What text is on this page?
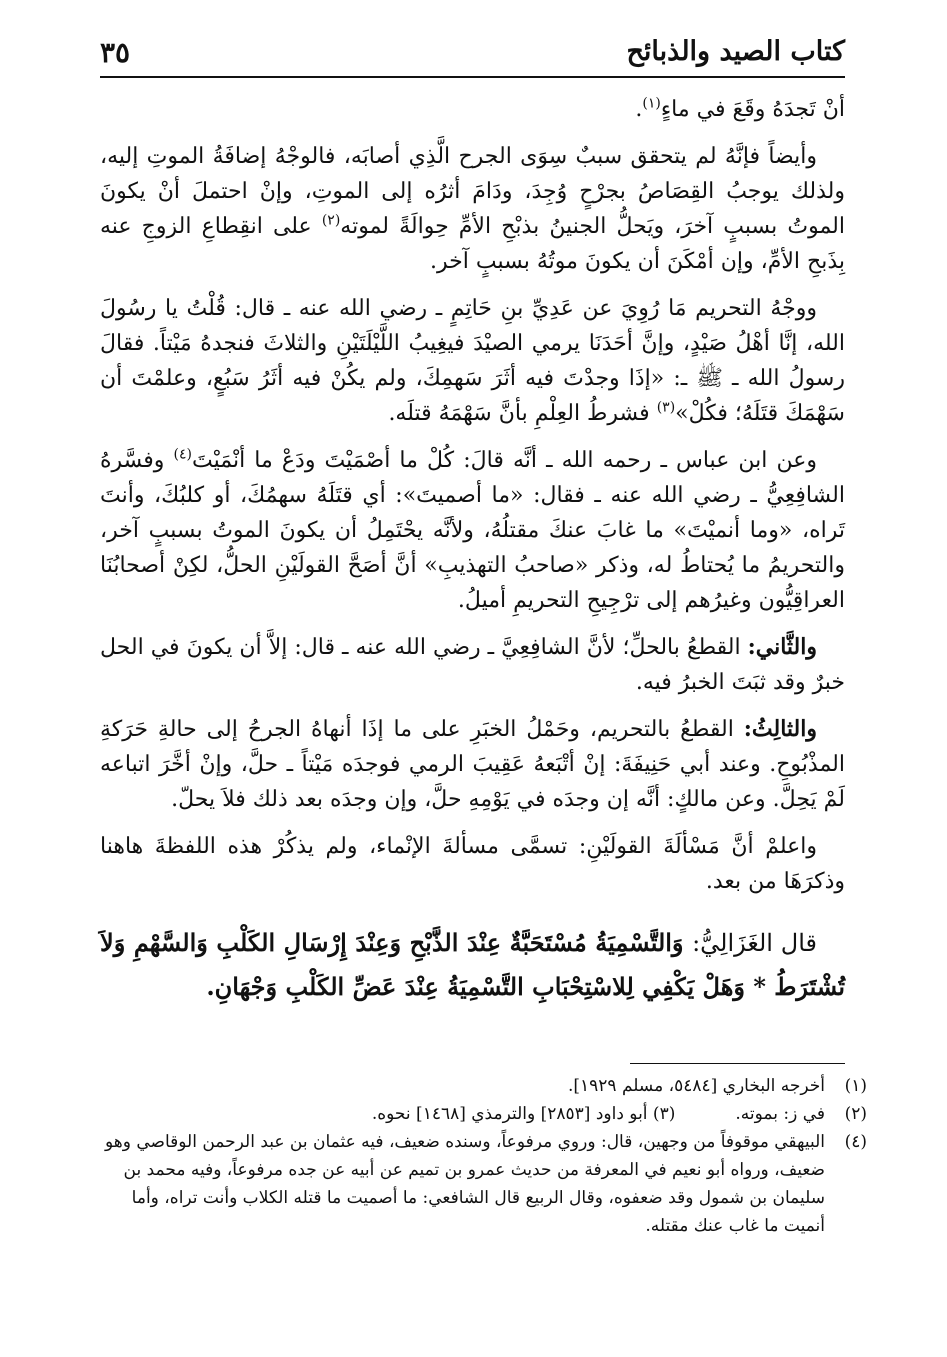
كتاب الصيد والذبائح
٣٥

أنْ تَجدَهُ وقَعَ في ماءٍ$^{(١)}$.

وأيضاً فإنَّهُ لم يتحقق سببٌ سِوَى الجرح الَّذِي أصابَه، فالوجْهُ إضافَةُ الموتِ إليه، ولذلك يوجبُ القِصَاصُ بجرْحٍ وُجِدَ، ودَامَ أثرُه إلى الموتِ، وإنْ احتملَ أنْ يكونَ الموتُ بسببٍ آخرَ، ويَحلُّ الجنينُ بذبْحِ الأمِّ حِوالَةً لموته$^{(٢)}$ على انقِطاعِ الزوجِ عنه بِذَبحِ الأمِّ، وإن أمْكَنَ أن يكونَ موتُهُ بسببٍ آخر.

ووجْهُ التحريم مَا رُوِيَ عن عَدِيِّ بنِ حَاتِمٍ ـ رضي الله عنه ـ قال: قُلْتُ يا رسُولَ الله، إنَّا أهْلُ صَيْدٍ، وإنَّ أحَدَنَا يرمي الصيْدَ فيغِيبُ اللَّيْلَتَيْنِ والثلاثَ فنجدهُ مَيْتاً. فقالَ رسولُ الله ـ ﷺ ـ: «إذَا وجدْتَ فيه أثَرَ سَهمِكَ، ولم يكُنْ فيه أثَرُ سَبُعٍ، وعلمْتَ أن سَهْمَكَ قتَلَهُ؛ فكُلْ»$^{(٣)}$ فشرطُ العِلْمِ بأنَّ سَهْمَهُ قتلَه.

وعن ابن عباس ـ رحمه الله ـ أنَّه قالَ: كُلْ ما أصْمَيْتَ ودَعْ ما أنْمَيْتَ$^{(٤)}$ وفسَّرهُ الشافِعِيُّ ـ رضي الله عنه ـ فقال: «ما أصميتَ»: أي قتَلَهُ سهمُكَ، أو كلبُكَ، وأنتَ تَراه، «وما أنميْتَ» ما غابَ عنكَ مقتلُهُ، ولأنَّه يحْتَمِلُ أن يكونَ الموتُ بسببٍ آخر، والتحريمُ ما يُحتاطُ له، وذكر «صاحبُ التهذيبِ» أنَّ أصَحَّ القولَيْنِ الحلُّ، لكِنْ أصحابُنَا العراقِيُّون وغيرُهم إلى ترْجِيحِ التحريمِ أميلُ.

والثَّاني: القطعُ بالحلِّ؛ لأنَّ الشافِعِيَّ ـ رضي الله عنه ـ قال: إلاَّ أن يكونَ في الحل خبرٌ وقد ثبَتَ الخبرُ فيه.

والثالِثُ: القطعُ بالتحريم، وحَمْلُ الخبَرِ على ما إذَا أنهاهُ الجرحُ إلى حالةِ حَرَكةِ المذْبُوحِ. وعند أبي حَنِيفَةَ: إنْ أتْبَعهُ عَقِيبَ الرمي فوجدَه مَيْتاً ـ حلَّ، وإنْ أخَّرَ اتباعه لَمْ يَحِلَّ. وعن مالكٍ: أنَّه إن وجدَه في يَوْمِهِ حلَّ، وإن وجدَه بعد ذلك فلاَ يحلّ.

واعلمْ أنَّ مَسْألَةَ القولَيْنِ: تسمَّى مسألةَ الإنْماء، ولم يذكُرْ هذه اللفظةَ هاهنا وذكرَهَا من بعد.

قال الغَزَالِيُّ: وَالتَّسْمِيَةُ مُسْتَحَبَّةٌ عِنْدَ الذَّبْحِ وَعِنْدَ إِرْسَالِ الكَلْبِ وَالسَّهْمِ وَلاَ تُشْتَرَطُ * وَهَلْ يَكْفِي لِلاسْتِحْبَابِ التَّسْمِيَةُ عِنْدَ عَضِّ الكَلْبِ وَجْهَانِ.

(١)
أخرجه البخاري [٥٤٨٤، مسلم ١٩٢٩].
(٢)
في ز: بموته.(٣) أبو داود [٢٨٥٣] والترمذي [١٤٦٨] نحوه.
(٤)
البيهقي موقوفاً من وجهين، قال: وروي مرفوعاً، وسنده ضعيف، فيه عثمان بن عبد الرحمن الوقاصي وهو ضعيف، ورواه أبو نعيم في المعرفة من حديث عمرو بن تميم عن أبيه عن جده مرفوعاً، وفيه محمد بن سليمان بن شمول وقد ضعفوه، وقال الربيع قال الشافعي: ما أصميت ما قتله الكلاب وأنت تراه، وأما أنميت ما غاب عنك مقتله.
